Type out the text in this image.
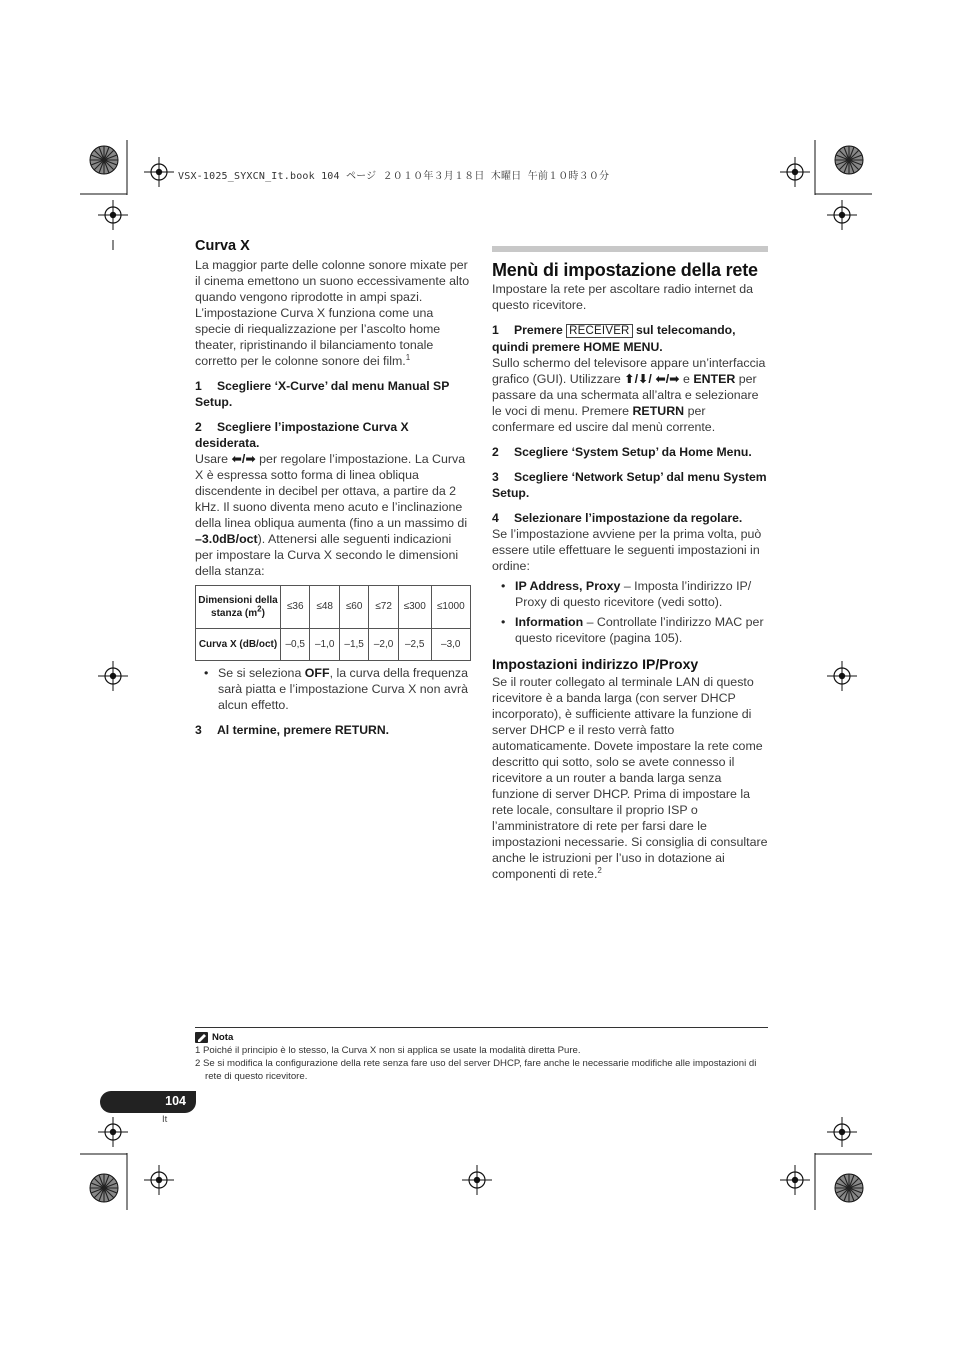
VSX-1025_SYXCN_It.book 104 ページ ２０１０年３月１８日 木曜日 午前１０時３０分
Curva X

La maggior parte delle colonne sonore mixate per il cinema emettono un suono eccessivamente alto quando vengono riprodotte in ampi spazi. L’impostazione Curva X funziona come una specie di riequalizzazione per l’ascolto home theater, ripristinando il bilanciamento tonale corretto per le colonne sonore dei film.$^1$

1 Scegliere ‘X-Curve’ dal menu Manual SP Setup.
2 Scegliere l’impostazione Curva X desiderata.

Usare ⬅/➡ per regolare l’impostazione. La Curva X è espressa sotto forma di linea obliqua discendente in decibel per ottava, a partire da 2 kHz. Il suono diventa meno acuto e l’inclinazione della linea obliqua aumenta (fino a un massimo di –3.0dB/oct). Attenersi alle seguenti indicazioni per impostare la Curva X secondo le dimensioni della stanza:

Dimensioni della stanza $(m^2)$	≤36	≤48	≤60	≤72	≤300	≤1000
Curva X (dB/oct)	–0,5	–1,0	–1,5	–2,0	–2,5	–3,0
• Se si seleziona OFF, la curva della frequenza sarà piatta e l’impostazione Curva X non avrà alcun effetto.
3 Al termine, premere RETURN.
Menù di impostazione della rete

Impostare la rete per ascoltare radio internet da questo ricevitore.

1 Premere RECEIVER sul telecomando, quindi premere HOME MENU.

Sullo schermo del televisore appare un’interfaccia grafico (GUI). Utilizzare ⬆/⬇/ ⬅/➡ e ENTER per passare da una schermata all’altra e selezionare le voci di menu. Premere RETURN per confermare ed uscire dal menù corrente.

2 Scegliere ‘System Setup’ da Home Menu.
3 Scegliere ‘Network Setup’ dal menu System Setup.
4 Selezionare l’impostazione da regolare.

Se l’impostazione avviene per la prima volta, può essere utile effettuare le seguenti impostazioni in ordine:

• IP Address, Proxy – Imposta l’indirizzo IP/ Proxy di questo ricevitore (vedi sotto).
• Information – Controllate l’indirizzo MAC per questo ricevitore (pagina 105).
Impostazioni indirizzo IP/Proxy

Se il router collegato al terminale LAN di questo ricevitore è a banda larga (con server DHCP incorporato), è sufficiente attivare la funzione di server DHCP e il resto verrà fatto automaticamente. Dovete impostare la rete come descritto qui sotto, solo se avete connesso il ricevitore a un router a banda larga senza funzione di server DHCP. Prima di impostare la rete locale, consultare il proprio ISP o l’amministratore di rete per farsi dare le impostazioni necessarie. Si consiglia di consultare anche le istruzioni per l’uso in dotazione ai componenti di rete.$^2$

Nota
1 Poiché il principio è lo stesso, la Curva X non si applica se usate la modalità diretta Pure.
2 Se si modifica la configurazione della rete senza fare uso del server DHCP, fare anche le necessarie modifiche alle impostazioni di rete di questo ricevitore.
104
It
